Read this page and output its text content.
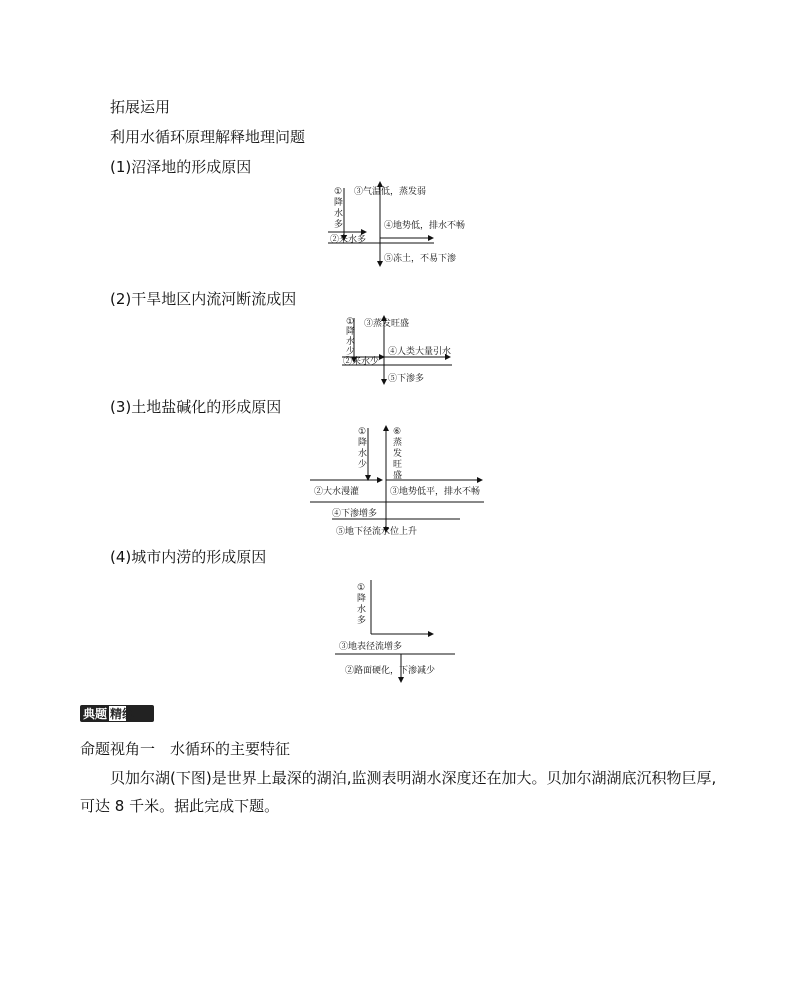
拓展运用
利用水循环原理解释地理问题
(1)沼泽地的形成原因
①
降
水
多
③气温低，蒸发弱
④地势低，排水不畅
②来水多
⑤冻土，不易下渗
(2)干旱地区内流河断流成因
①
降
水
少
③蒸发旺盛
④人类大量引水
②来水少
⑤下渗多
(3)土地盐碱化的形成原因
①
降
水
少
⑥
蒸
发
旺
盛
②大水漫灌	③地势低平，排水不畅
④下渗增多
⑤地下径流水位上升
(4)城市内涝的形成原因
①
降
水
多
③地表径流增多
②路面硬化，下渗减少
典题 精练
命题视角一　水循环的主要特征
贝加尔湖(下图)是世界上最深的湖泊,监测表明湖水深度还在加大。贝加尔湖湖底沉积物巨厚,可达 8 千米。据此完成下题。
